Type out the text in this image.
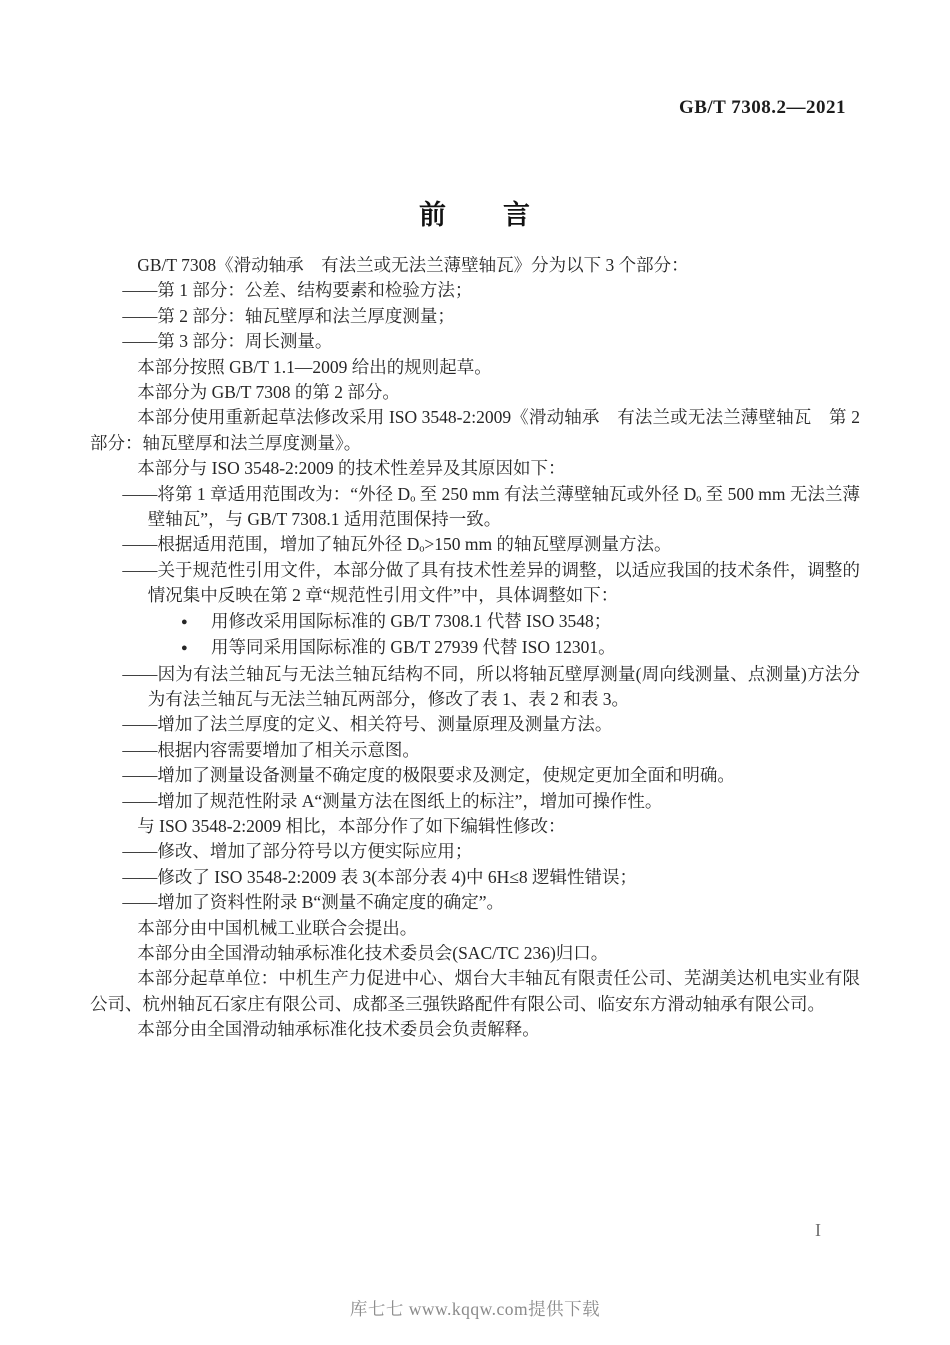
GB/T 7308.2—2021
前　　言
GB/T 7308《滑动轴承　有法兰或无法兰薄壁轴瓦》分为以下 3 个部分：
——第 1 部分：公差、结构要素和检验方法；
——第 2 部分：轴瓦壁厚和法兰厚度测量；
——第 3 部分：周长测量。
本部分按照 GB/T 1.1—2009 给出的规则起草。
本部分为 GB/T 7308 的第 2 部分。
本部分使用重新起草法修改采用 ISO 3548-2:2009《滑动轴承　有法兰或无法兰薄壁轴瓦　第 2 部分：轴瓦壁厚和法兰厚度测量》。
本部分与 ISO 3548-2:2009 的技术性差异及其原因如下：
——将第 1 章适用范围改为：“外径 Dₒ 至 250 mm 有法兰薄壁轴瓦或外径 Dₒ 至 500 mm 无法兰薄壁轴瓦”，与 GB/T 7308.1 适用范围保持一致。
——根据适用范围，增加了轴瓦外径 Dₒ>150 mm 的轴瓦壁厚测量方法。
——关于规范性引用文件，本部分做了具有技术性差异的调整，以适应我国的技术条件，调整的情况集中反映在第 2 章“规范性引用文件”中，具体调整如下：
● 用修改采用国际标准的 GB/T 7308.1 代替 ISO 3548；
● 用等同采用国际标准的 GB/T 27939 代替 ISO 12301。
——因为有法兰轴瓦与无法兰轴瓦结构不同，所以将轴瓦壁厚测量(周向线测量、点测量)方法分为有法兰轴瓦与无法兰轴瓦两部分，修改了表 1、表 2 和表 3。
——增加了法兰厚度的定义、相关符号、测量原理及测量方法。
——根据内容需要增加了相关示意图。
——增加了测量设备测量不确定度的极限要求及测定，使规定更加全面和明确。
——增加了规范性附录 A“测量方法在图纸上的标注”，增加可操作性。
与 ISO 3548-2:2009 相比，本部分作了如下编辑性修改：
——修改、增加了部分符号以方便实际应用；
——修改了 ISO 3548-2:2009 表 3(本部分表 4)中 6H≤8 逻辑性错误；
——增加了资料性附录 B“测量不确定度的确定”。
本部分由中国机械工业联合会提出。
本部分由全国滑动轴承标准化技术委员会(SAC/TC 236)归口。
本部分起草单位：中机生产力促进中心、烟台大丰轴瓦有限责任公司、芜湖美达机电实业有限公司、杭州轴瓦石家庄有限公司、成都圣三强铁路配件有限公司、临安东方滑动轴承有限公司。
本部分由全国滑动轴承标准化技术委员会负责解释。
I
库七七 www.kqqw.com提供下载
